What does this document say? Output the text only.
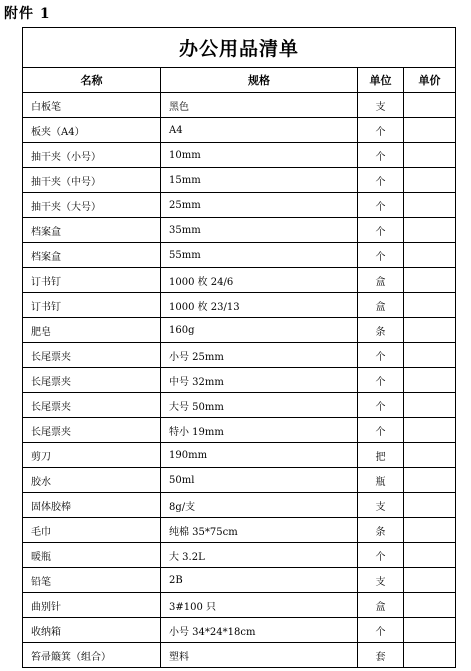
附件 1
办公用品清单			
名称	规格	单位	单价
白板笔	黑色	支	
板夹（A4）	A4	个	
抽干夹（小号）	10mm	个	
抽干夹（中号）	15mm	个	
抽干夹（大号）	25mm	个	
档案盒	35mm	个	
档案盒	55mm	个	
订书钉	1000 枚 24/6	盒	
订书钉	1000 枚 23/13	盒	
肥皂	160g	条	
长尾票夹	小号 25mm	个	
长尾票夹	中号 32mm	个	
长尾票夹	大号 50mm	个	
长尾票夹	特小 19mm	个	
剪刀	190mm	把	
胶水	50ml	瓶	
固体胶棒	8g/支	支	
毛巾	纯棉 35*75cm	条	
暖瓶	大 3.2L	个	
铅笔	2B	支	
曲别针	3#100 只	盒	
收纳箱	小号 34*24*18cm	个	
笞帚簸箕（组合）	塑料	套	
